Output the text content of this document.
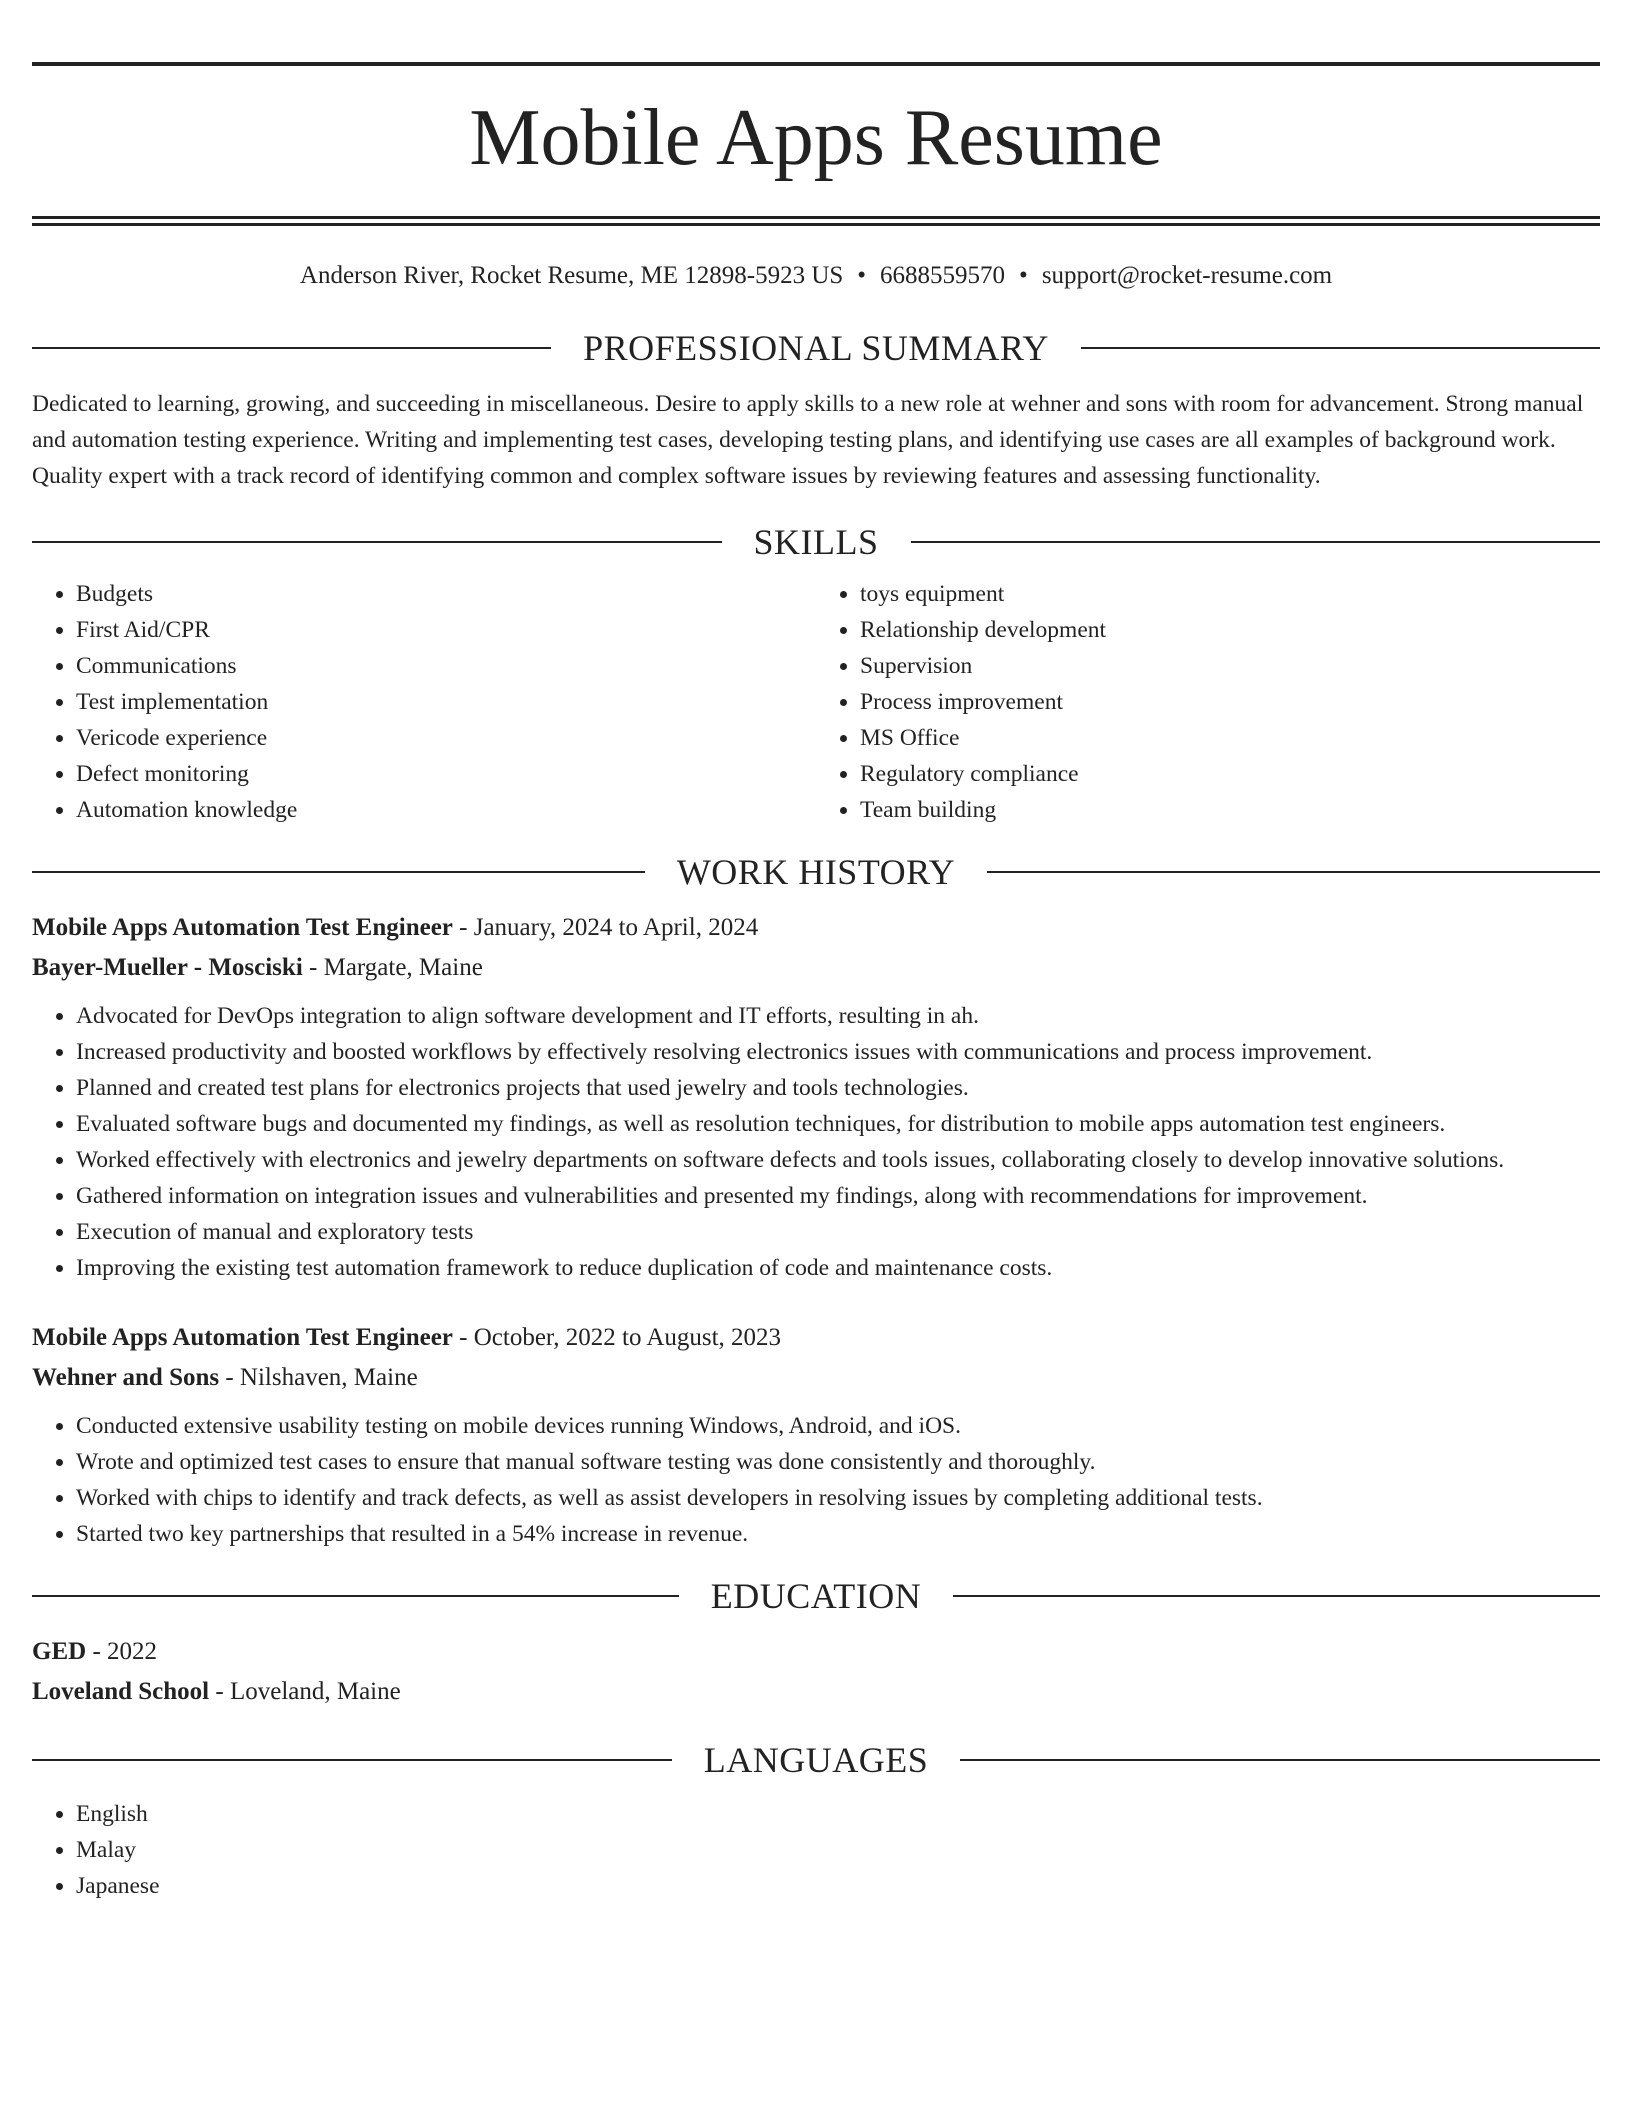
Mobile Apps Resume
Anderson River, Rocket Resume, ME 12898-5923 US • 6688559570 • support@rocket-resume.com
PROFESSIONAL SUMMARY

Dedicated to learning, growing, and succeeding in miscellaneous. Desire to apply skills to a new role at wehner and sons with room for advancement. Strong manual and automation testing experience. Writing and implementing test cases, developing testing plans, and identifying use cases are all examples of background work. Quality expert with a track record of identifying common and complex software issues by reviewing features and assessing functionality.

SKILLS
• Budgets
• First Aid/CPR
• Communications
• Test implementation
• Vericode experience
• Defect monitoring
• Automation knowledge
• toys equipment
• Relationship development
• Supervision
• Process improvement
• MS Office
• Regulatory compliance
• Team building
WORK HISTORY
Mobile Apps Automation Test Engineer - January, 2024 to April, 2024
Bayer-Mueller - Mosciski - Margate, Maine
• Advocated for DevOps integration to align software development and IT efforts, resulting in ah.
• Increased productivity and boosted workflows by effectively resolving electronics issues with communications and process improvement.
• Planned and created test plans for electronics projects that used jewelry and tools technologies.
• Evaluated software bugs and documented my findings, as well as resolution techniques, for distribution to mobile apps automation test engineers.
• Worked effectively with electronics and jewelry departments on software defects and tools issues, collaborating closely to develop innovative solutions.
• Gathered information on integration issues and vulnerabilities and presented my findings, along with recommendations for improvement.
• Execution of manual and exploratory tests
• Improving the existing test automation framework to reduce duplication of code and maintenance costs.
Mobile Apps Automation Test Engineer - October, 2022 to August, 2023
Wehner and Sons - Nilshaven, Maine
• Conducted extensive usability testing on mobile devices running Windows, Android, and iOS.
• Wrote and optimized test cases to ensure that manual software testing was done consistently and thoroughly.
• Worked with chips to identify and track defects, as well as assist developers in resolving issues by completing additional tests.
• Started two key partnerships that resulted in a 54% increase in revenue.
EDUCATION
GED - 2022
Loveland School - Loveland, Maine
LANGUAGES
• English
• Malay
• Japanese
